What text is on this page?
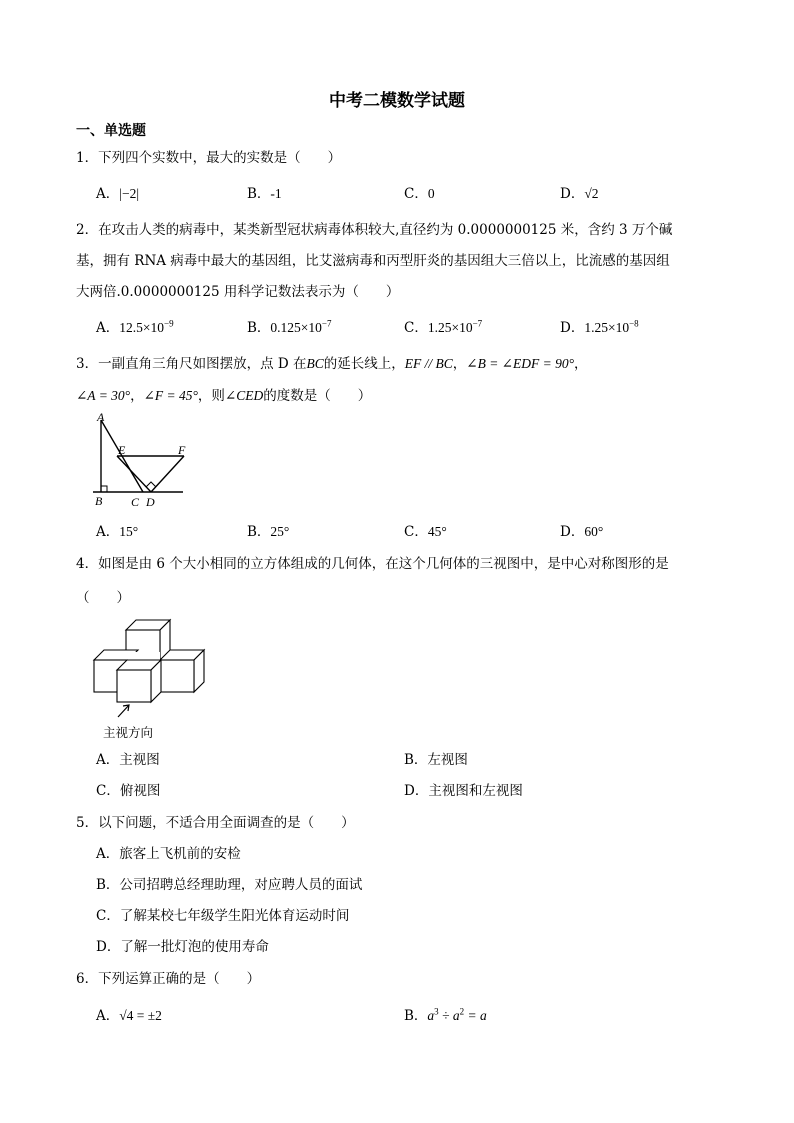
中考二模数学试题
一、单选题
1．下列四个实数中，最大的实数是（　　）
A．|−2|	B．-1	C．0	D．√2
2．在攻击人类的病毒中，某类新型冠状病毒体积较大,直径约为 0.0000000125 米，含约 3 万个碱
基，拥有 RNA 病毒中最大的基因组，比艾滋病毒和丙型肝炎的基因组大三倍以上，比流感的基因组
大两倍.0.0000000125 用科学记数法表示为（　　）
A．$12.5\times 10^{-9}$	B．$0.125\times 10^{-7}$	C．$1.25\times 10^{-7}$	D．$1.25\times 10^{-8}$
3．一副直角三角尺如图摆放，点 D 在BC的延长线上，EF // BC，∠B = ∠EDF = 90°，
∠A = 30°，∠F = 45°，则∠CED的度数是（　　）
A
E	F
B C D
A．15°	B．25°	C．45°	D．60°
4．如图是由 6 个大小相同的立方体组成的几何体，在这个几何体的三视图中，是中心对称图形的是
（　　）
主视方向
A．主视图	B．左视图
C．俯视图	D．主视图和左视图
5．以下问题，不适合用全面调查的是（　　）
A．旅客上飞机前的安检
B．公司招聘总经理助理，对应聘人员的面试
C．了解某校七年级学生阳光体育运动时间
D．了解一批灯泡的使用寿命
6．下列运算正确的是（　　）
A．√4 = ±2	B．$a^3 \div a^2 = a$
